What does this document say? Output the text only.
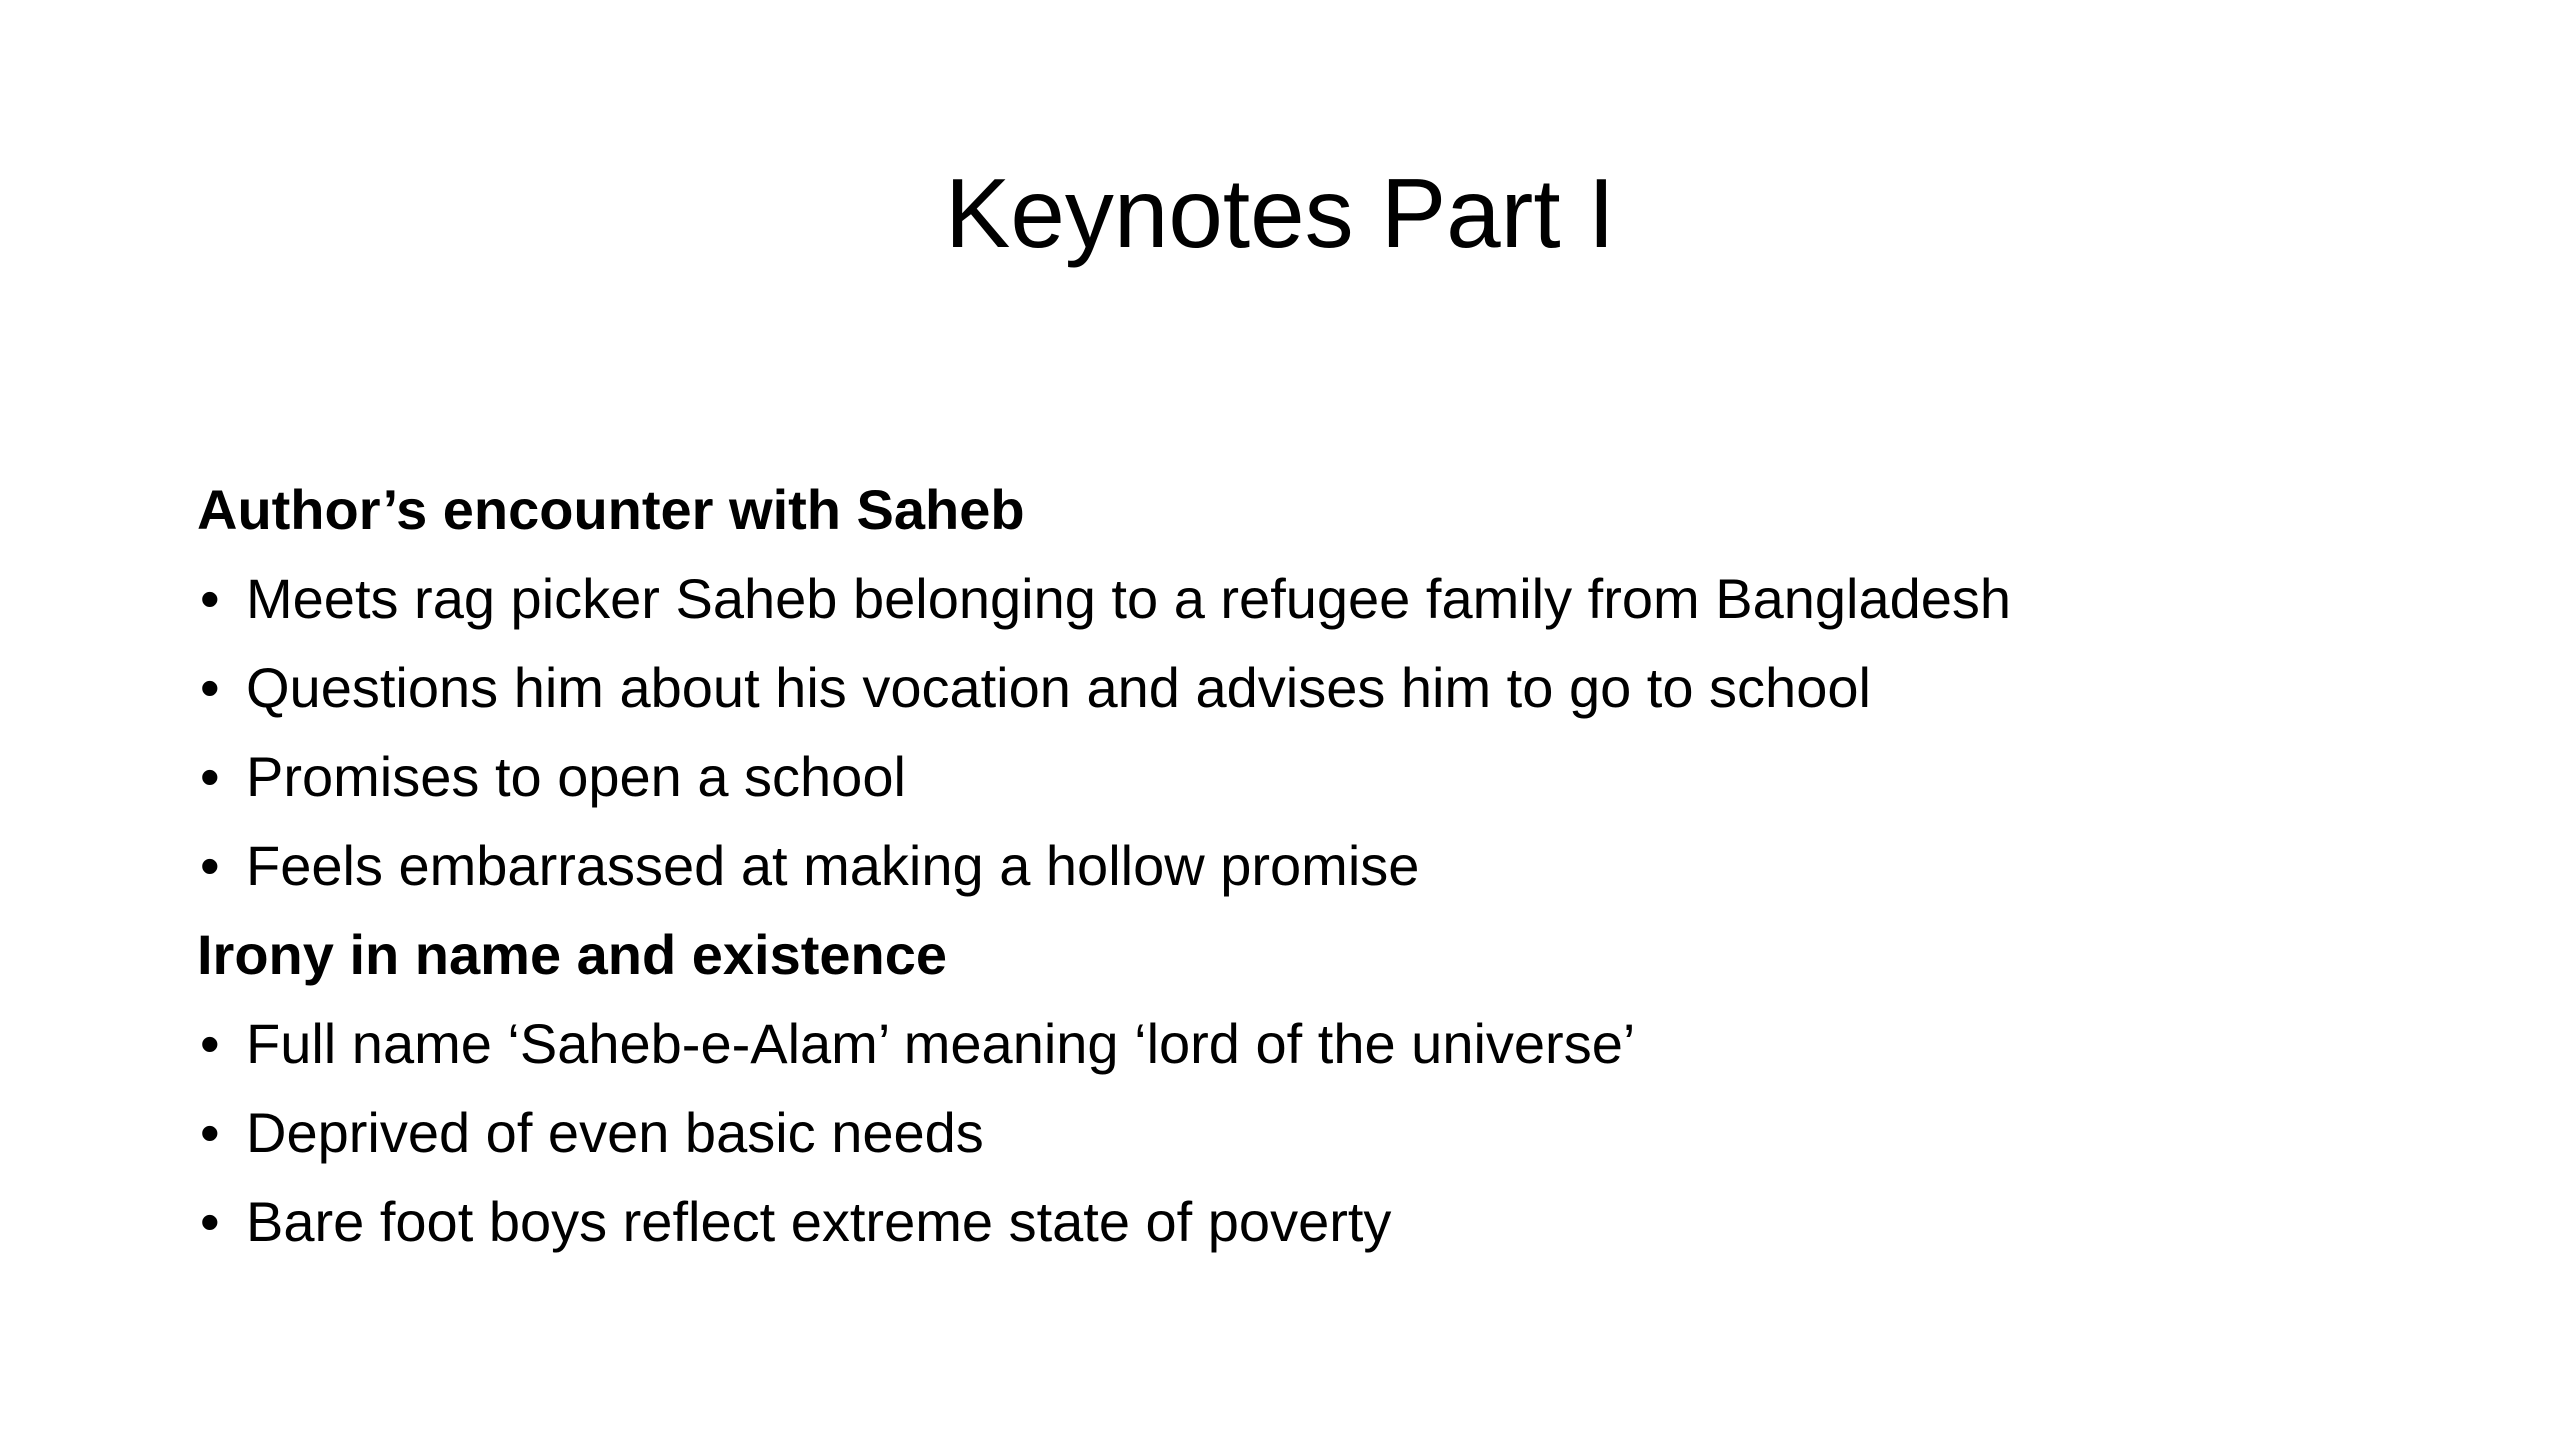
Keynotes Part I
Author’s encounter with Saheb
• Meets rag picker Saheb belonging to a refugee family from Bangladesh
• Questions him about his vocation and advises him to go to school
• Promises to open a school
• Feels embarrassed at making a hollow promise
Irony in name and existence
• Full name ‘Saheb-e-Alam’ meaning ‘lord of the universe’
• Deprived of even basic needs
• Bare foot boys reflect extreme state of poverty
